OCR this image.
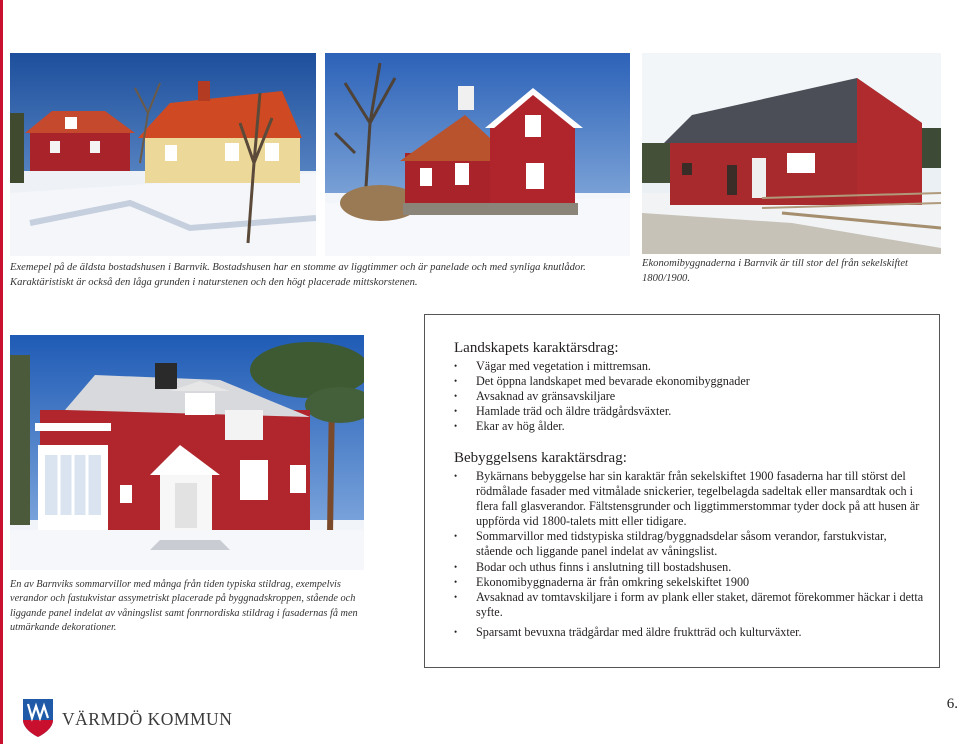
Exemepel på de äldsta bostadshusen i Barnvik. Bostadshusen har en stomme av liggtimmer och är panelade och med synliga knutlådor. Karaktäristiskt är också den låga grunden i naturstenen och den högt placerade mittskorstenen.
Ekonomibyggnaderna i Barnvik är till stor del från sekelskiftet 1800/1900.
En av Barnviks sommarvillor med många från tiden typiska stildrag, exempelvis verandor och fastukvistar assymetriskt placerade på byggnadskroppen, stående och liggande panel indelat av våningslist samt fonrnordiska stildrag i fasadernas få men utmärkande dekorationer.
Landskapets karaktärsdrag:
• Vägar med vegetation i mittremsan.
• Det öppna landskapet med bevarade ekonomibyggnader
• Avsaknad av gränsavskiljare
• Hamlade träd och äldre trädgårdsväxter.
• Ekar av hög ålder.
Bebyggelsens karaktärsdrag:
• Bykärnans bebyggelse har sin karaktär från sekelskiftet 1900 fasaderna har till störst del rödmålade fasader med vitmålade snickerier, tegelbelagda sadeltak eller mansardtak och i flera fall glasverandor. Fältstensgrunder och liggtimmerstommar tyder dock på att husen är uppförda vid 1800-talets mitt eller tidigare.
• Sommarvillor med tidstypiska stildrag/byggnadsdelar såsom verandor, farstukvistar, stående och liggande panel indelat av våningslist.
• Bodar och uthus finns i anslutning till bostadshusen.
• Ekonomibyggnaderna är från omkring sekelskiftet 1900
• Avsaknad av tomtavskiljare i form av plank eller staket, däremot förekommer häckar i detta syfte.
• Sparsamt bevuxna trädgårdar med äldre fruktträd och kulturväxter.
VÄRMDÖ KOMMUN
6.
